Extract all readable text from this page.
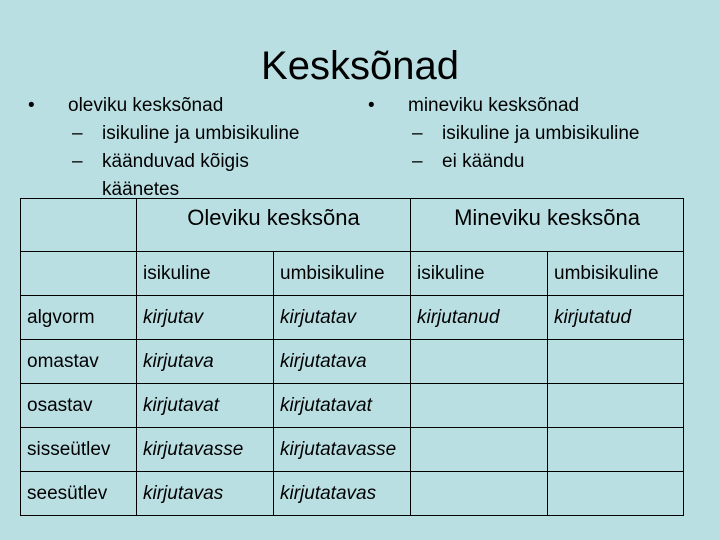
Kesksõnad
•	oleviku kesksõnad
–	isikuline ja umbisikuline
–	käänduvad kõigis käänetes
•	mineviku kesksõnad
–	isikuline ja umbisikuline
–	ei käändu
	Oleviku kesksõna		Mineviku kesksõna	
	isikuline	umbisikuline	isikuline	umbisikuline
algvorm	kirjutav	kirjutatav	kirjutanud	kirjutatud
omastav	kirjutava	kirjutatava		
osastav	kirjutavat	kirjutatavat		
sisseütlev	kirjutavasse	kirjutatavasse		
seesütlev	kirjutavas	kirjutatavas		
